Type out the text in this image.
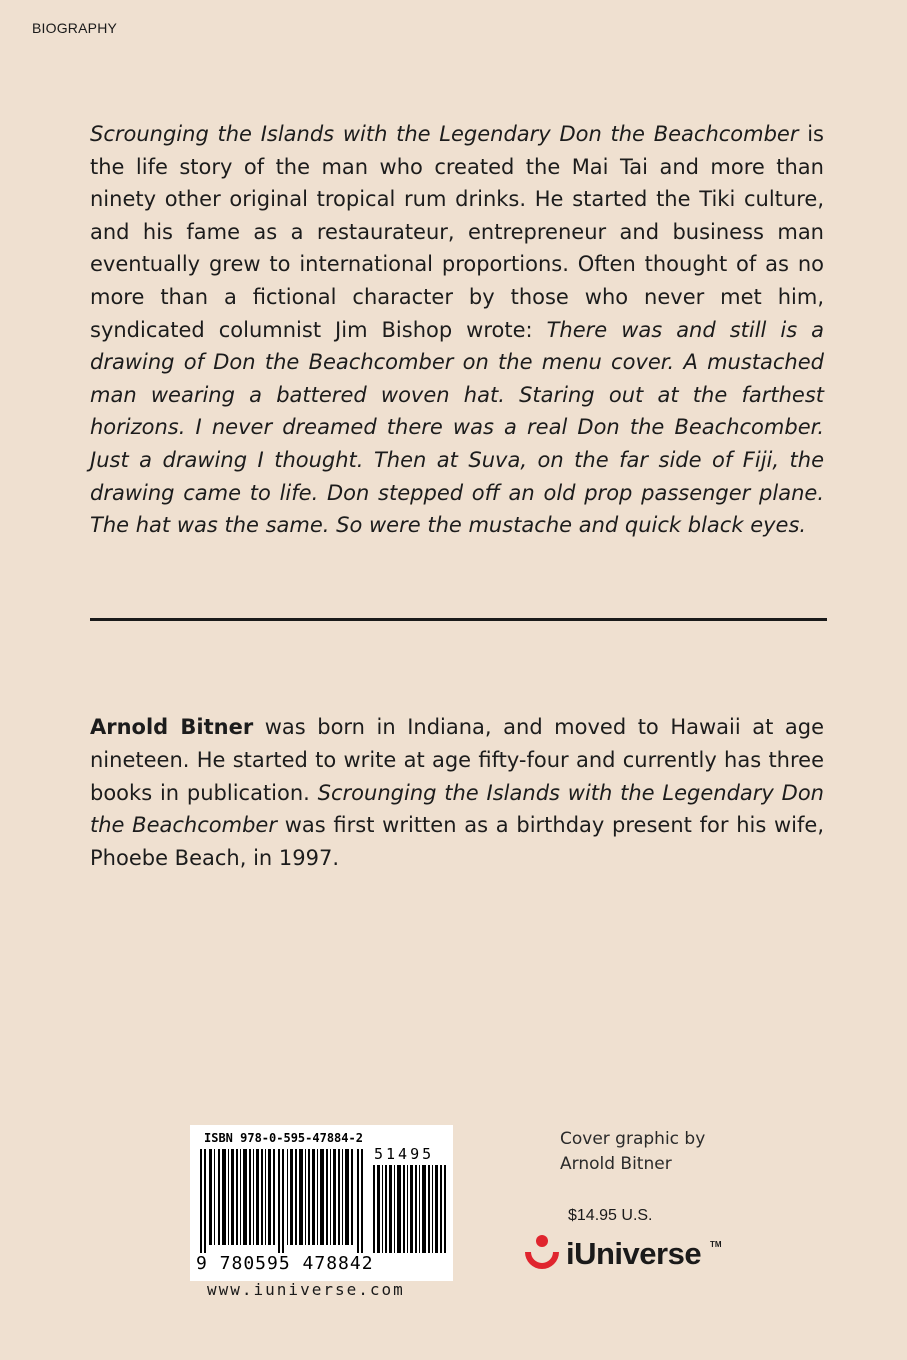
BIOGRAPHY
Scrounging the Islands with the Legendary Don the Beachcomber is the life story of the man who created the Mai Tai and more than ninety other original tropical rum drinks. He started the Tiki culture, and his fame as a restaurateur, entrepreneur and business man eventually grew to international proportions. Often thought of as no more than a fictional character by those who never met him, syndicated columnist Jim Bishop wrote: There was and still is a drawing of Don the Beachcomber on the menu cover. A mustached man wearing a battered woven hat. Staring out at the farthest horizons. I never dreamed there was a real Don the Beachcomber. Just a drawing I thought. Then at Suva, on the far side of Fiji, the drawing came to life. Don stepped off an old prop passenger plane. The hat was the same. So were the mustache and quick black eyes.
Arnold Bitner was born in Indiana, and moved to Hawaii at age nineteen. He started to write at age fifty-four and currently has three books in publication. Scrounging the Islands with the Legendary Don the Beachcomber was first written as a birthday present for his wife, Phoebe Beach, in 1997.
ISBN 978-0-595-47884-2
51495
9 780595 478842
www.iuniverse.com
Cover graphic by
Arnold Bitner
$14.95 U.S.
iUniverse TM
